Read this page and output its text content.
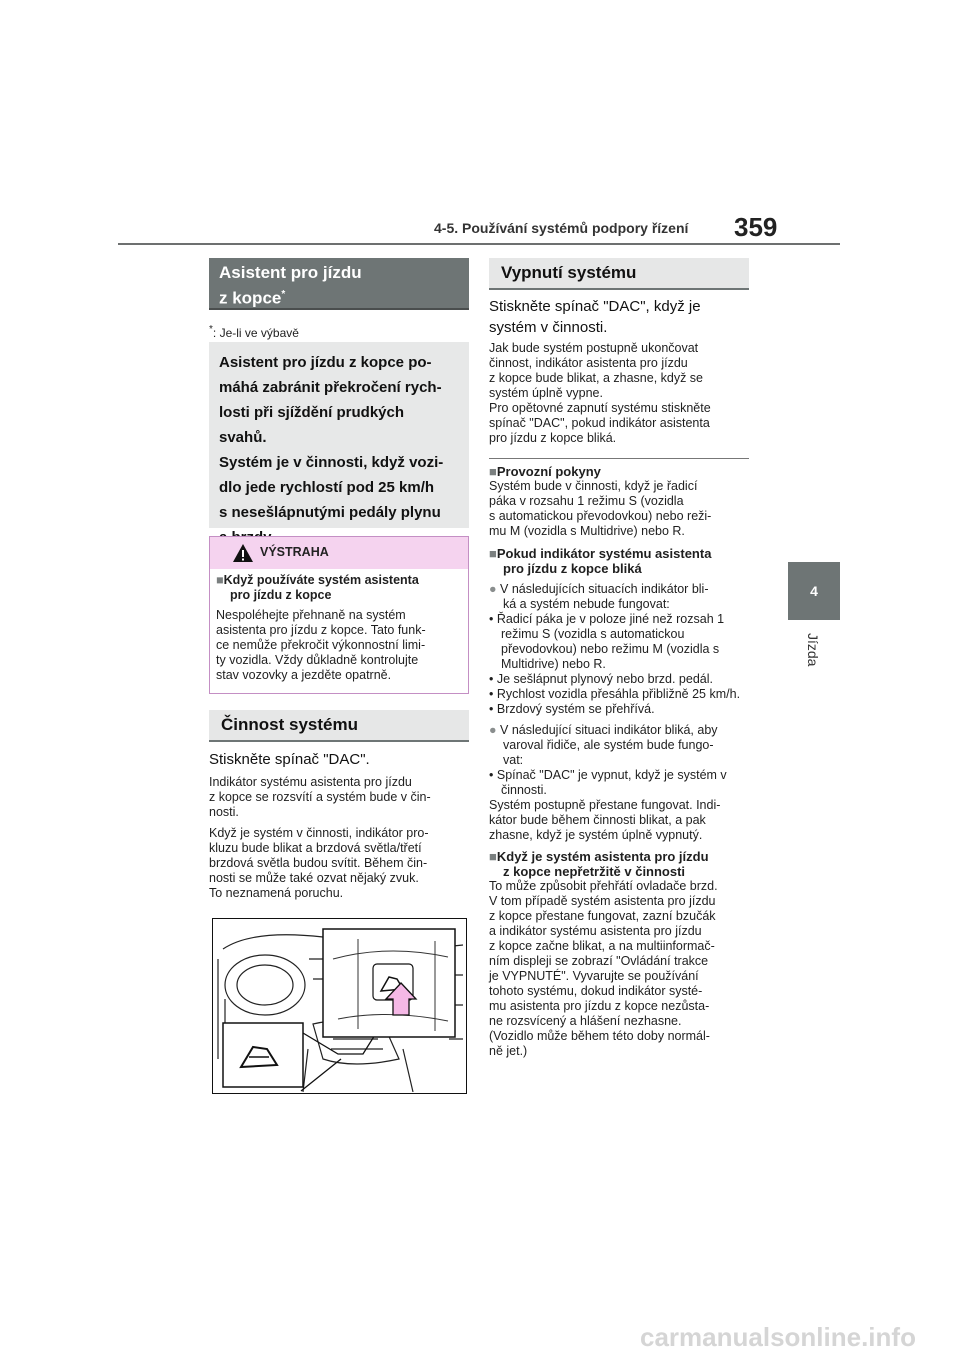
4-5. Používání systémů podpory řízení 359
4
Jízda
Asistent pro jízdu
z kopce*
*: Je-li ve výbavě

Asistent pro jízdu z kopce po-

máhá zabránit překročení rych-

losti při sjíždění prudkých

svahů.

Systém je v činnosti, když vozi-

dlo jede rychlostí pod 25 km/h

s nesešlápnutými pedály plynu

VÝSTRAHA

■Když používáte systém asistenta

pro jízdu z kopce

Nespoléhejte přehnaně na systém

asistenta pro jízdu z kopce. Tato funk-

ce nemůže překročit výkonnostní limi-

ty vozidla. Vždy důkladně kontrolujte

stav vozovky a jezděte opatrně.

Činnost systému
Stiskněte spínač "DAC".

Indikátor systému asistenta pro jízdu

z kopce se rozsvítí a systém bude v čin-

nosti.

Když je systém v činnosti, indikátor pro-

kluzu bude blikat a brzdová světla/třetí

brzdová světla budou svítit. Během čin-

nosti se může také ozvat nějaký zvuk.

To neznamená poruchu.

Vypnutí systému
Stiskněte spínač "DAC", když je
systém v činnosti.

Jak bude systém postupně ukončovat

činnost, indikátor asistenta pro jízdu

z kopce bude blikat, a zhasne, když se

systém úplně vypne.

Pro opětovné zapnutí systému stiskněte

spínač "DAC", pokud indikátor asistenta

pro jízdu z kopce bliká.

■Provozní pokyny

Systém bude v činnosti, když je řadicí

páka v rozsahu 1 režimu S (vozidla

s automatickou převodovkou) nebo reži-

mu M (vozidla s Multidrive) nebo R.

■Pokud indikátor systému asistenta

pro jízdu z kopce bliká

● V následujících situacích indikátor bli-

ká a systém nebude fungovat:

• Řadicí páka je v poloze jiné než rozsah 1 režimu S (vozidla s automatickou převodovkou) nebo režimu M (vozidla s Multidrive) nebo R.

• Je sešlápnut plynový nebo brzd. pedál.

• Rychlost vozidla přesáhla přibližně 25 km/h.

• Brzdový systém se přehřívá.

● V následující situaci indikátor bliká, aby

varoval řidiče, ale systém bude fungo-

vat:

• Spínač "DAC" je vypnut, když je systém v činnosti.

Systém postupně přestane fungovat. Indi-

kátor bude během činnosti blikat, a pak

zhasne, když je systém úplně vypnutý.

■Když je systém asistenta pro jízdu

z kopce nepřetržitě v činnosti

To může způsobit přehřátí ovladače brzd.

V tom případě systém asistenta pro jízdu

z kopce přestane fungovat, zazní bzučák

a indikátor systému asistenta pro jízdu

z kopce začne blikat, a na multiinformač-

ním displeji se zobrazí "Ovládání trakce

je VYPNUTÉ". Vyvarujte se používání

tohoto systému, dokud indikátor systé-

mu asistenta pro jízdu z kopce nezůsta-

ne rozsvícený a hlášení nezhasne.

(Vozidlo může během této doby normál-

ně jet.)

carmanualsonline.info
